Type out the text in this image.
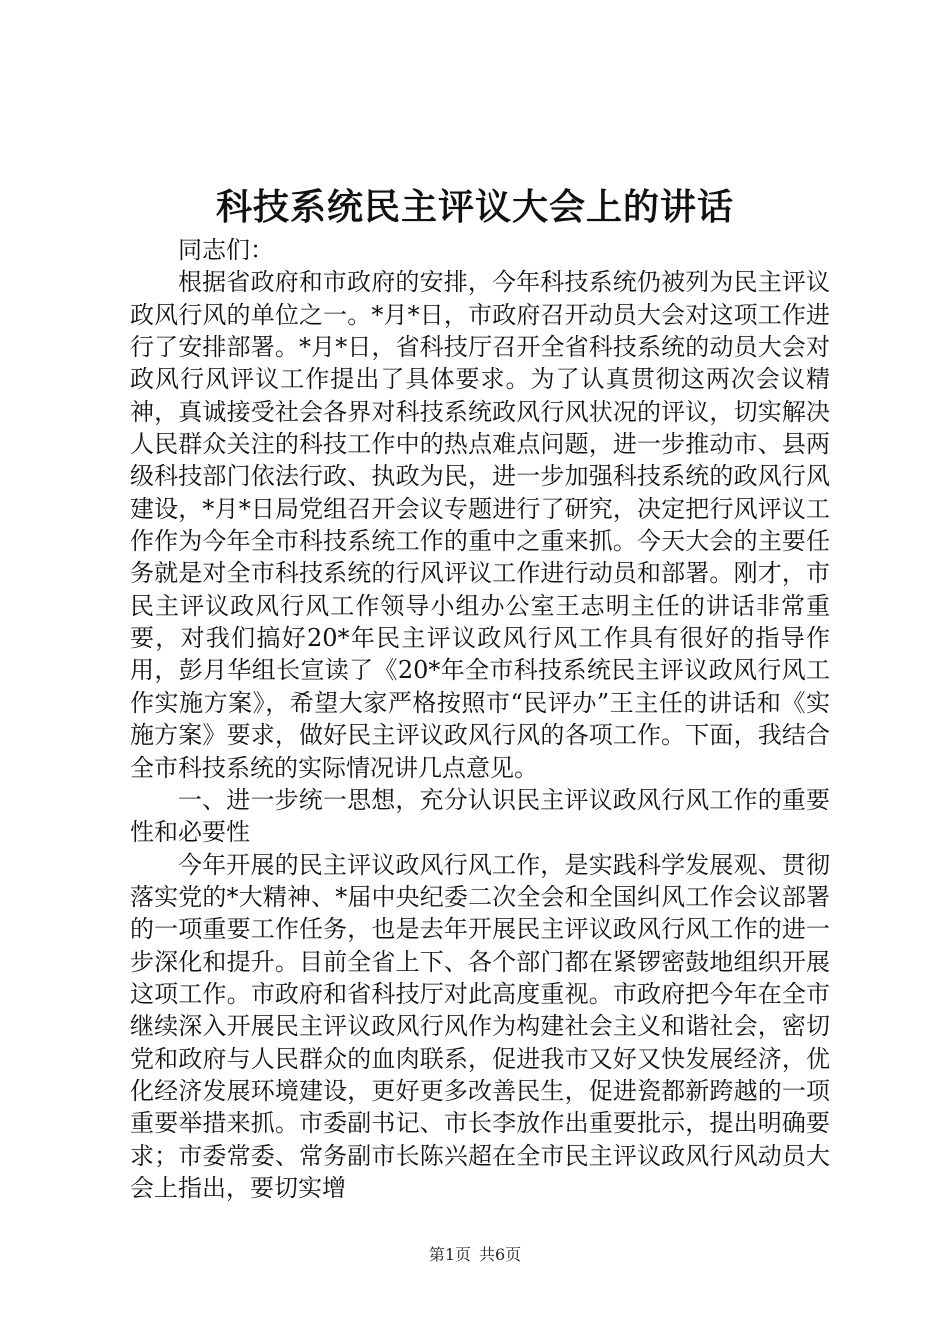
科技系统民主评议大会上的讲话

同志们：

根据省政府和市政府的安排，今年科技系统仍被列为民主评议政风行风的单位之一。*月*日，市政府召开动员大会对这项工作进行了安排部署。*月*日，省科技厅召开全省科技系统的动员大会对政风行风评议工作提出了具体要求。为了认真贯彻这两次会议精神，真诚接受社会各界对科技系统政风行风状况的评议，切实解决人民群众关注的科技工作中的热点难点问题，进一步推动市、县两级科技部门依法行政、执政为民，进一步加强科技系统的政风行风建设，*月*日局党组召开会议专题进行了研究，决定把行风评议工作作为今年全市科技系统工作的重中之重来抓。今天大会的主要任务就是对全市科技系统的行风评议工作进行动员和部署。刚才，市民主评议政风行风工作领导小组办公室王志明主任的讲话非常重要，对我们搞好20*年民主评议政风行风工作具有很好的指导作用，彭月华组长宣读了《20*年全市科技系统民主评议政风行风工作实施方案》，希望大家严格按照市“民评办”王主任的讲话和《实施方案》要求，做好民主评议政风行风的各项工作。下面，我结合全市科技系统的实际情况讲几点意见。

一、进一步统一思想，充分认识民主评议政风行风工作的重要性和必要性

今年开展的民主评议政风行风工作，是实践科学发展观、贯彻落实党的*大精神、*届中央纪委二次全会和全国纠风工作会议部署的一项重要工作任务，也是去年开展民主评议政风行风工作的进一步深化和提升。目前全省上下、各个部门都在紧锣密鼓地组织开展这项工作。市政府和省科技厅对此高度重视。市政府把今年在全市继续深入开展民主评议政风行风作为构建社会主义和谐社会，密切党和政府与人民群众的血肉联系，促进我市又好又快发展经济，优化经济发展环境建设，更好更多改善民生，促进瓷都新跨越的一项重要举措来抓。市委副书记、市长李放作出重要批示，提出明确要求；市委常委、常务副市长陈兴超在全市民主评议政风行风动员大会上指出，要切实增

第1页 共6页
